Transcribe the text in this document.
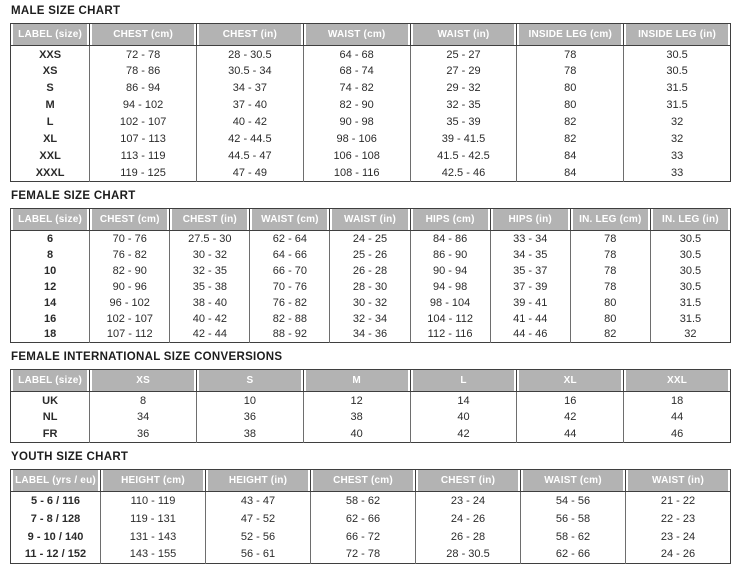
MALE SIZE CHART
LABEL (size)	CHEST (cm)	CHEST (in)	WAIST (cm)	WAIST (in)	INSIDE LEG (cm)	INSIDE LEG (in)
XXS	72 - 78	28 - 30.5	64 - 68	25 - 27	78	30.5
XS	78 - 86	30.5 - 34	68 - 74	27 - 29	78	30.5
S	86 - 94	34 - 37	74 - 82	29 - 32	80	31.5
M	94 - 102	37 - 40	82 - 90	32 - 35	80	31.5
L	102 - 107	40 - 42	90 - 98	35 - 39	82	32
XL	107 - 113	42 - 44.5	98 - 106	39 - 41.5	82	32
XXL	113 - 119	44.5 - 47	106 - 108	41.5 - 42.5	84	33
XXXL	119 - 125	47 - 49	108 - 116	42.5 - 46	84	33
FEMALE SIZE CHART
LABEL (size)	CHEST (cm)	CHEST (in)	WAIST (cm)	WAIST (in)	HIPS (cm)	HIPS (in)	IN. LEG (cm)	IN. LEG (in)
6	70 - 76	27.5 - 30	62 - 64	24 - 25	84 - 86	33 - 34	78	30.5
8	76 - 82	30 - 32	64 - 66	25 - 26	86 - 90	34 - 35	78	30.5
10	82 - 90	32 - 35	66 - 70	26 - 28	90 - 94	35 - 37	78	30.5
12	90 - 96	35 - 38	70 - 76	28 - 30	94 - 98	37 - 39	78	30.5
14	96 - 102	38 - 40	76 - 82	30 - 32	98 - 104	39 - 41	80	31.5
16	102 - 107	40 - 42	82 - 88	32 - 34	104 - 112	41 - 44	80	31.5
18	107 - 112	42 - 44	88 - 92	34 - 36	112 - 116	44 - 46	82	32
FEMALE INTERNATIONAL SIZE CONVERSIONS
LABEL (size)	XS	S	M	L	XL	XXL
UK	8	10	12	14	16	18
NL	34	36	38	40	42	44
FR	36	38	40	42	44	46
YOUTH SIZE CHART
LABEL (yrs / eu)	HEIGHT (cm)	HEIGHT (in)	CHEST (cm)	CHEST (in)	WAIST (cm)	WAIST (in)
5 - 6 / 116	110 - 119	43 - 47	58 - 62	23 - 24	54 - 56	21 - 22
7 - 8 / 128	119 - 131	47 - 52	62 - 66	24 - 26	56 - 58	22 - 23
9 - 10 / 140	131 - 143	52 - 56	66 - 72	26 - 28	58 - 62	23 - 24
11 - 12 / 152	143 - 155	56 - 61	72 - 78	28 - 30.5	62 - 66	24 - 26
